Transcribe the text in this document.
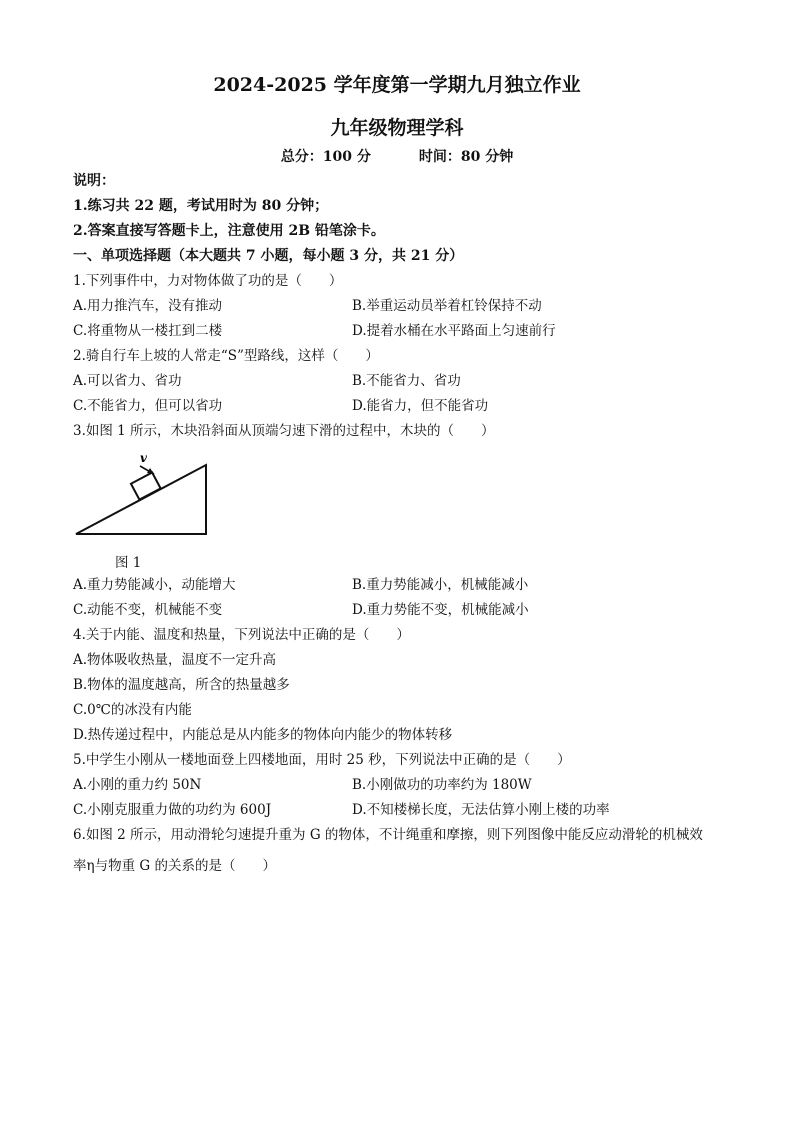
2024-2025 学年度第一学期九月独立作业
九年级物理学科
总分：100 分	时间：80 分钟
说明：
1.练习共 22 题，考试用时为 80 分钟；
2.答案直接写答题卡上，注意使用 2B 铅笔涂卡。
一、单项选择题（本大题共 7 小题，每小题 3 分，共 21 分）
1.下列事件中，力对物体做了功的是（　　）
A.用力推汽车，没有推动	B.举重运动员举着杠铃保持不动
C.将重物从一楼扛到二楼	D.提着水桶在水平路面上匀速前行
2.骑自行车上坡的人常走“S”型路线，这样（　　）
A.可以省力、省功	B.不能省力、省功
C.不能省力，但可以省功	D.能省力，但不能省功
3.如图 1 所示，木块沿斜面从顶端匀速下滑的过程中，木块的（　　）
v
图 1
A.重力势能减小，动能增大	B.重力势能减小，机械能减小
C.动能不变，机械能不变	D.重力势能不变，机械能减小
4.关于内能、温度和热量，下列说法中正确的是（　　）
A.物体吸收热量，温度不一定升高
B.物体的温度越高，所含的热量越多
C.0℃的冰没有内能
D.热传递过程中，内能总是从内能多的物体向内能少的物体转移
5.中学生小刚从一楼地面登上四楼地面，用时 25 秒，下列说法中正确的是（　　）
A.小刚的重力约 50N	B.小刚做功的功率约为 180W
C.小刚克服重力做的功约为 600J	D.不知楼梯长度，无法估算小刚上楼的功率
6.如图 2 所示，用动滑轮匀速提升重为 G 的物体，不计绳重和摩擦，则下列图像中能反应动滑轮的机械效
率η与物重 G 的关系的是（　　）
